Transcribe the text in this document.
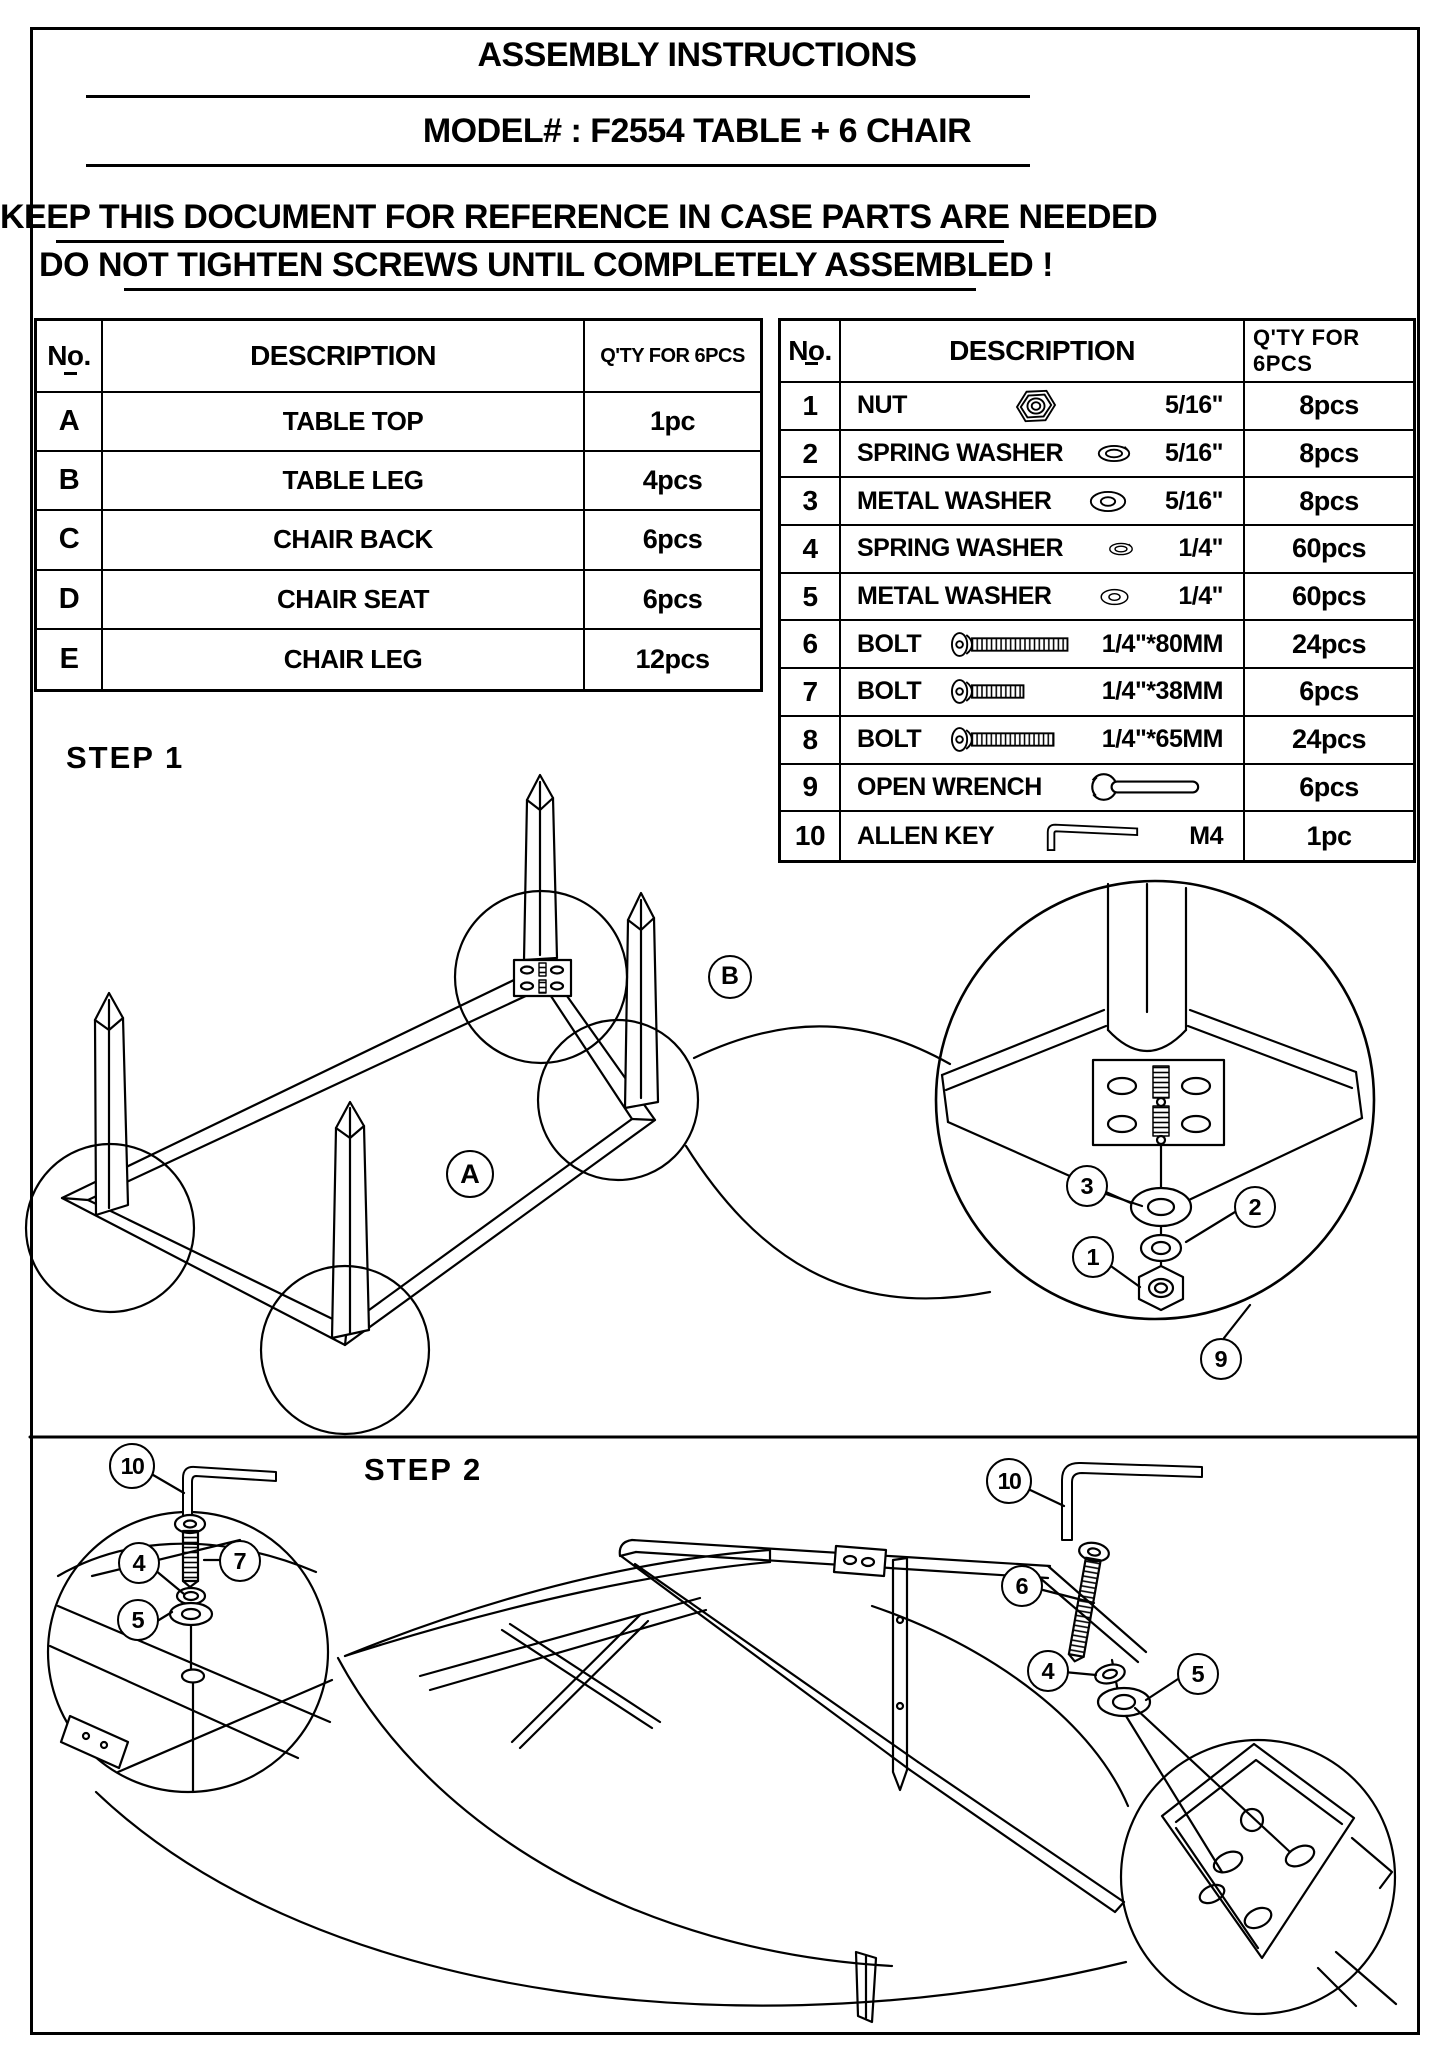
ASSEMBLY INSTRUCTIONS
MODEL# : F2554 TABLE + 6 CHAIR
KEEP THIS DOCUMENT FOR REFERENCE IN CASE PARTS ARE NEEDED
DO NOT TIGHTEN SCREWS UNTIL COMPLETELY ASSEMBLED !
No.	DESCRIPTION	Q'TY FOR 6PCS
A	TABLE TOP	1pc
B	TABLE LEG	4pcs
C	CHAIR BACK	6pcs
D	CHAIR SEAT	6pcs
E	CHAIR LEG	12pcs
No.	DESCRIPTION	Q'TY FOR 6PCS
1	NUT	5/16"	8pcs
2	SPRING WASHER	5/16"	8pcs
3	METAL WASHER	5/16"	8pcs
4	SPRING WASHER	1/4"	60pcs
5	METAL WASHER	1/4"	60pcs
6	BOLT	1/4"*80MM	24pcs
7	BOLT	1/4"*38MM	6pcs
8	BOLT	1/4"*65MM	24pcs
9	OPEN WRENCH	6pcs
10	ALLEN KEY	M4	1pc
STEP 1
STEP 2
B
A	3
2
1
9
10
4	7
5
10
6
4	5
